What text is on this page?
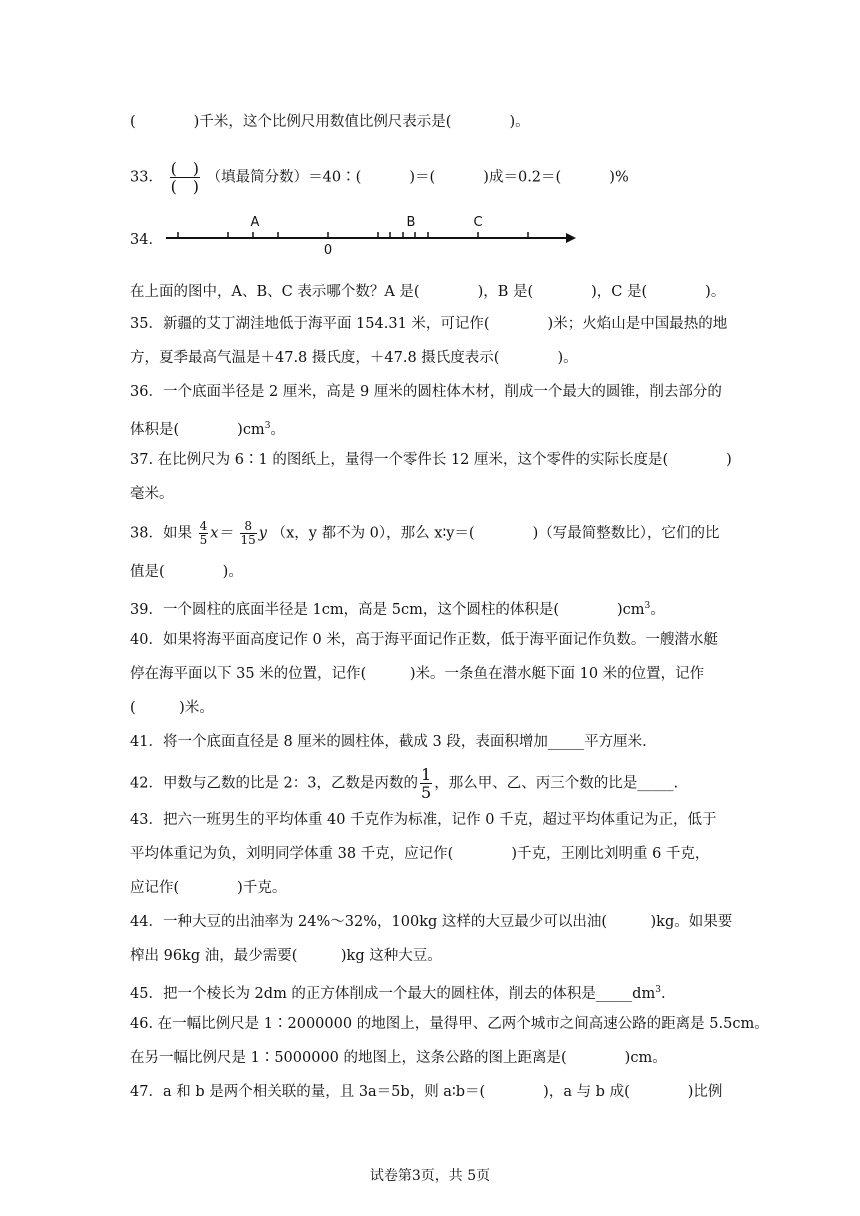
(　　　　)千米，这个比例尺用数值比例尺表示是(　　　　)。
33． $\frac{( )}{( )}$ （填最简分数）＝40∶(　　　 )＝(　　　 )成＝0.2＝(　　　 )%
34．
A
0
B	C
在上面的图中，A、B、C 表示哪个数？A 是(　　　　)，B 是(　　　　)，C 是(　　　　)。
35．新疆的艾丁湖洼地低于海平面 154.31 米，可记作(　　　　)米；火焰山是中国最热的地
方，夏季最高气温是＋47.8 摄氏度，＋47.8 摄氏度表示(　　　　)。
36．一个底面半径是 2 厘米，高是 9 厘米的圆柱体木材，削成一个最大的圆锥，削去部分的
体积是(　　　　)$cm^3$。
37. 在比例尺为 6∶1 的图纸上，量得一个零件长 12 厘米，这个零件的实际长度是(　　　　)
毫米。
38．如果 $\frac{4}{5} x= \frac{8}{15}$ y （x，y 都不为 0），那么 x∶y＝(　　　　)（写最简整数比），它们的比
值是(　　　　)。
39．一个圆柱的底面半径是 1cm，高是 5cm，这个圆柱的体积是(　　　　)$cm^3$。
40．如果将海平面高度记作 0 米，高于海平面记作正数，低于海平面记作负数。一艘潜水艇
停在海平面以下 35 米的位置，记作(　　　)米。一条鱼在潜水艇下面 10 米的位置，记作
(　　　)米。
41．将一个底面直径是 8 厘米的圆柱体，截成 3 段，表面积增加_____平方厘米.
42．甲数与乙数的比是 2：3，乙数是丙数的 $\frac{1}{5}$ ，那么甲、乙、丙三个数的比是_____.
43．把六一班男生的平均体重 40 千克作为标准，记作 0 千克，超过平均体重记为正，低于
平均体重记为负，刘明同学体重 38 千克，应记作(　　　　)千克，王刚比刘明重 6 千克，
应记作(　　　　)千克。
44．一种大豆的出油率为 24%～32%，100kg 这样的大豆最少可以出油(　　　)kg。如果要
榨出 96kg 油，最少需要(　　　)kg 这种大豆。
45．把一个棱长为 2dm 的正方体削成一个最大的圆柱体，削去的体积是$\_\_\_\_\_dm^3$.
46. 在一幅比例尺是 1∶2000000 的地图上，量得甲、乙两个城市之间高速公路的距离是 5.5cm。
在另一幅比例尺是 1∶5000000 的地图上，这条公路的图上距离是(　　　　)cm。
47．a 和 b 是两个相关联的量，且 3a＝5b，则 a∶b＝(　　　　)，a 与 b 成(　　　　)比例
试卷第3页，共 5页
